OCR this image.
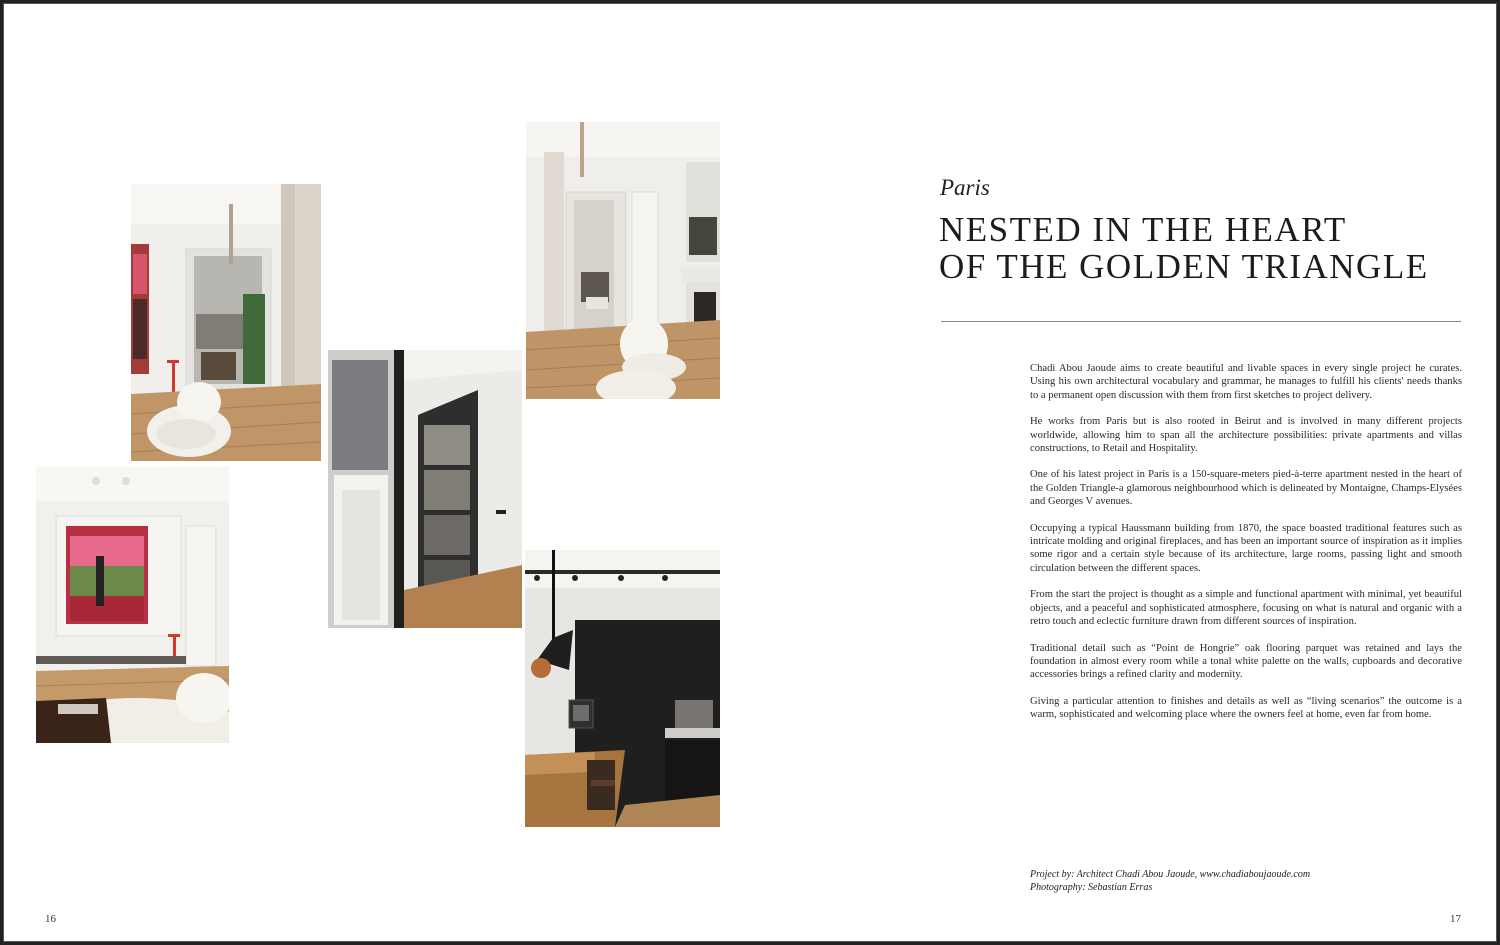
16	17
Paris
NESTED IN THE HEART
OF THE GOLDEN TRIANGLE

Chadi Abou Jaoude aims to create beautiful and livable spaces in every single project he curates. Using his own architectural vocabulary and grammar, he manages to fulfill his clients' needs thanks to a permanent open discussion with them from first sketches to project delivery.

He works from Paris but is also rooted in Beirut and is involved in many different projects worldwide, allowing him to span all the architecture possibilities: private apartments and villas constructions, to Retail and Hospitality.

One of his latest project in Paris is a 150-square-meters pied-à-terre apartment nested in the heart of the Golden Triangle-a glamorous neighbourhood which is delineated by Montaigne, Champs-Elysées and Georges V avenues.

Occupying a typical Haussmann building from 1870, the space boasted traditional features such as intricate molding and original fireplaces, and has been an important source of inspiration as it implies some rigor and a certain style because of its architecture, large rooms, passing light and smooth circulation between the different spaces.

From the start the project is thought as a simple and functional apartment with minimal, yet beautiful objects, and a peaceful and sophisticated atmosphere, focusing on what is natural and organic with a retro touch and eclectic furniture drawn from different sources of inspiration.

Traditional detail such as “Point de Hongrie” oak flooring parquet was retained and lays the foundation in almost every room while a tonal white palette on the walls, cupboards and decorative accessories brings a refined clarity and modernity.

Giving a particular attention to finishes and details as well as “living scenarios” the outcome is a warm, sophisticated and welcoming place where the owners feel at home, even far from home.

Project by: Architect Chadi Abou Jaoude, www.chadiaboujaoude.com
Photography: Sebastian Erras
